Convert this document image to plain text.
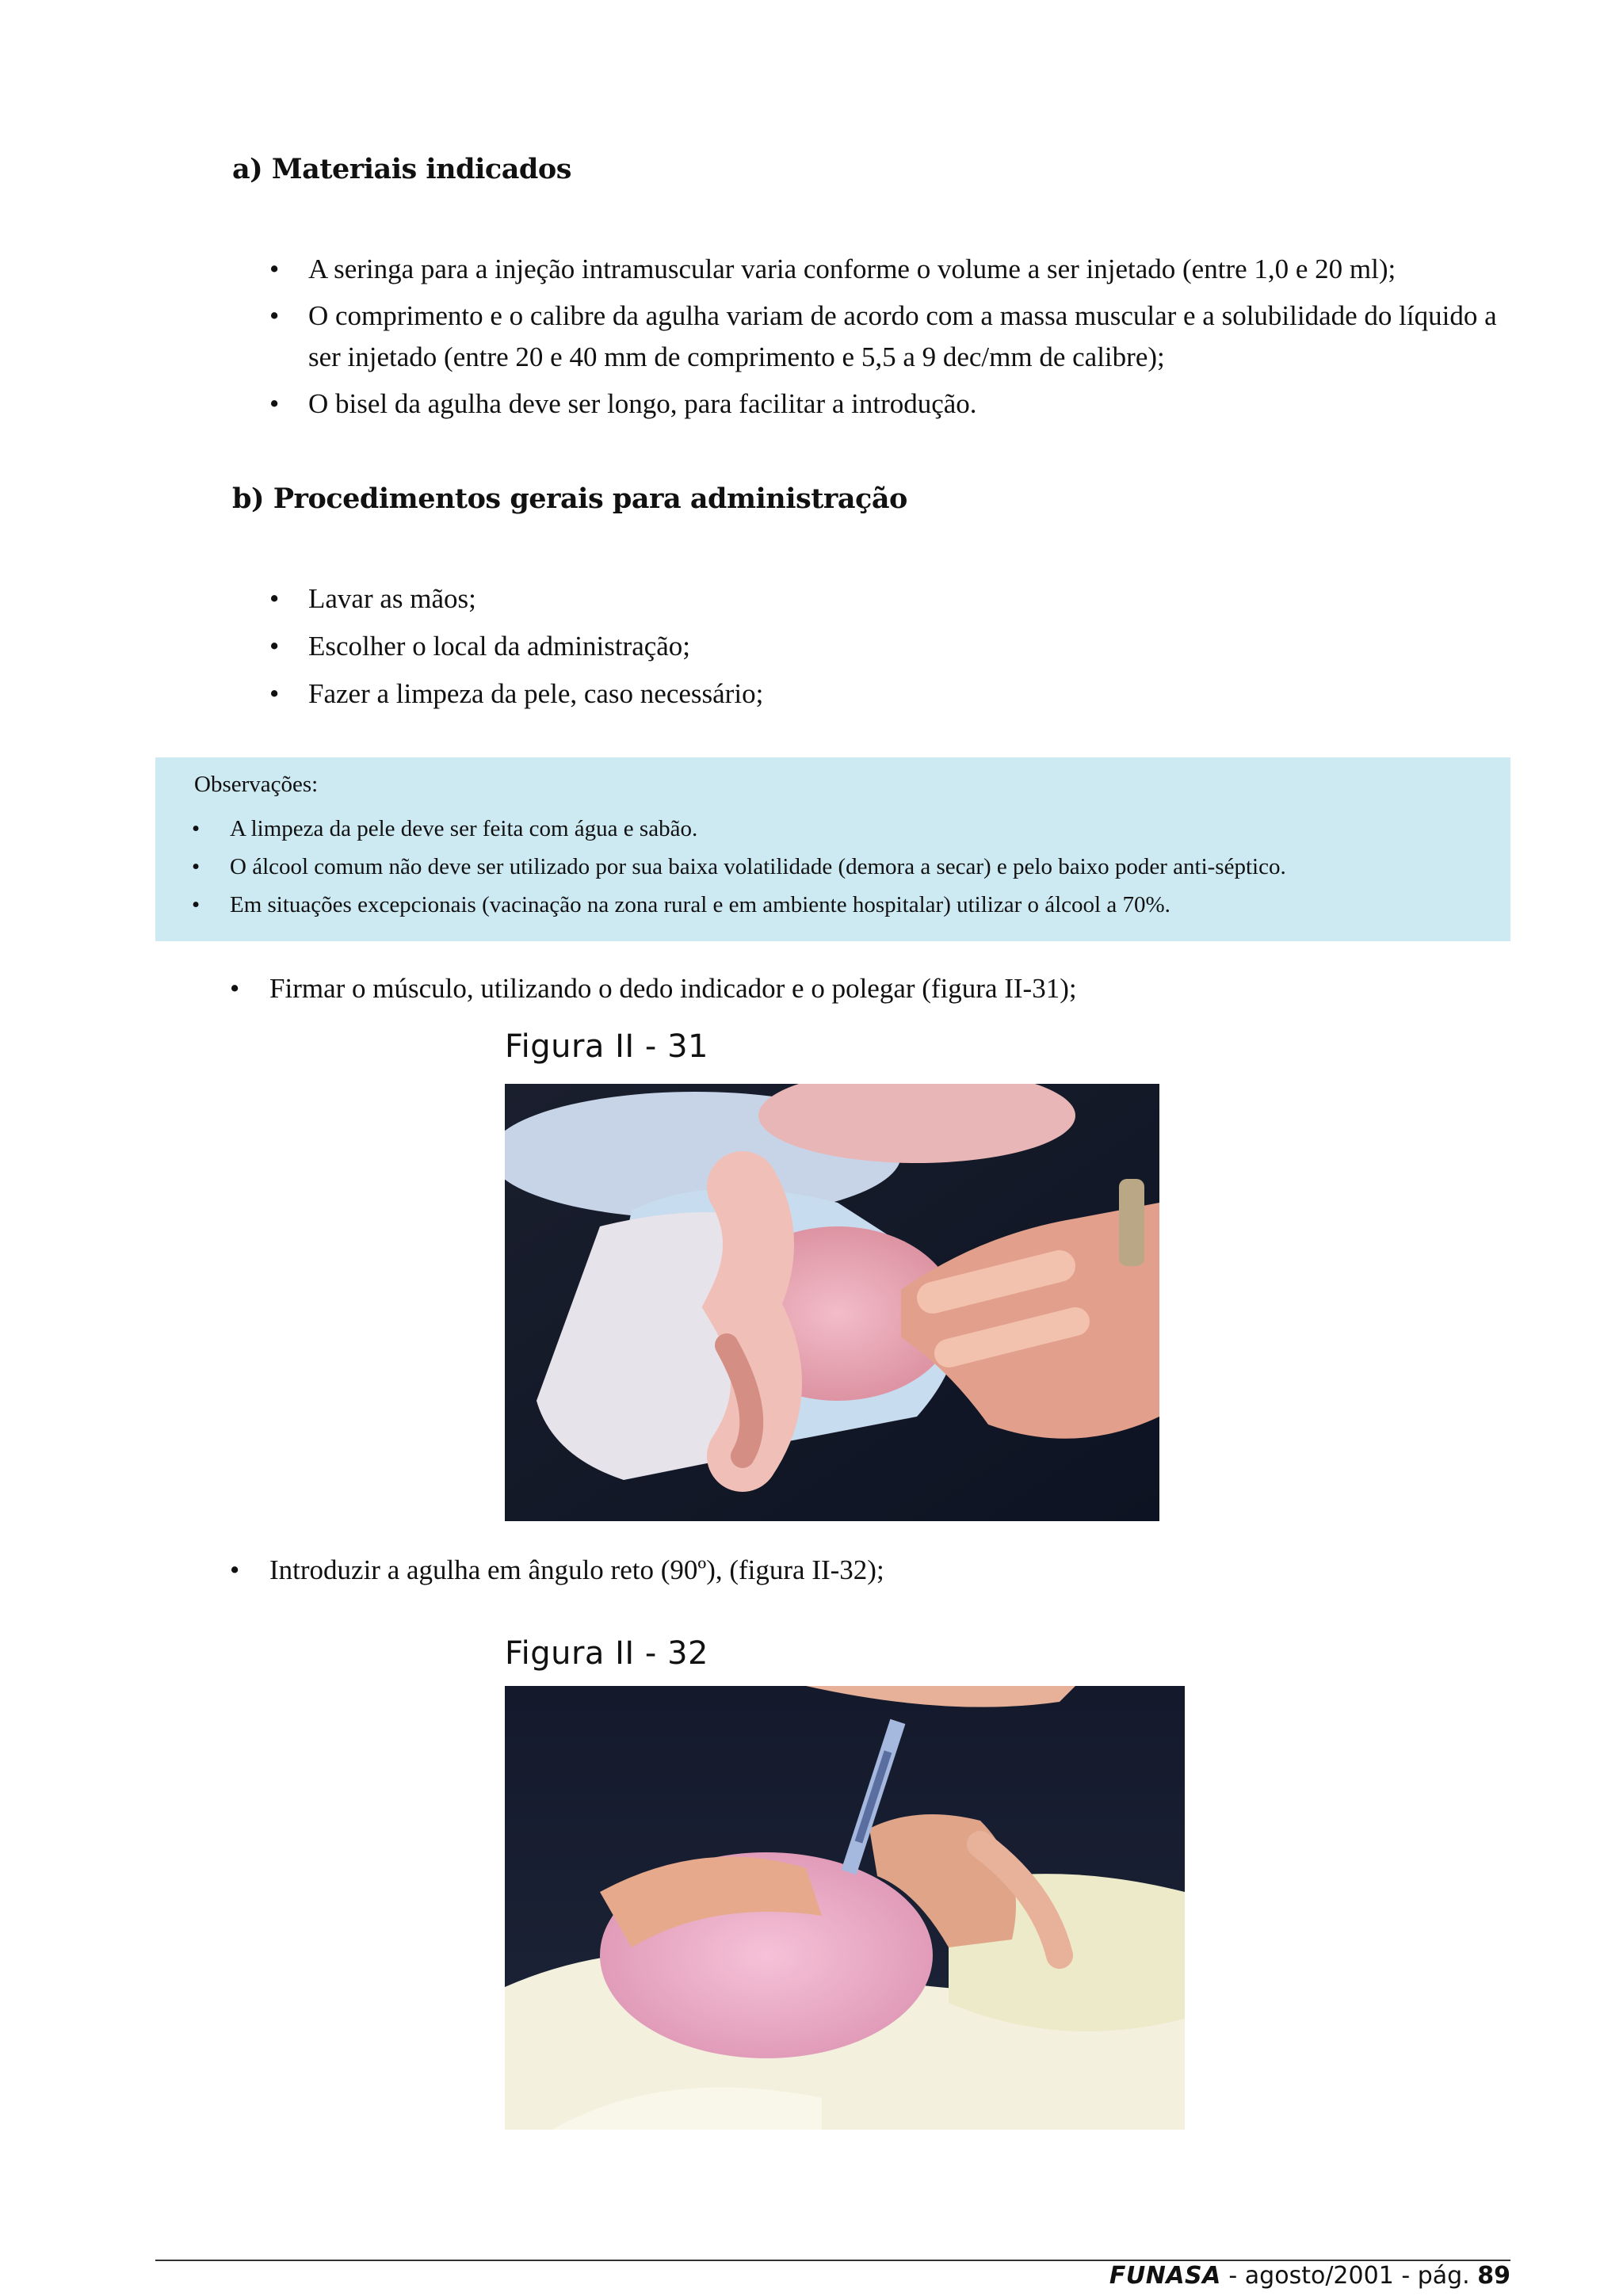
a) Materiais indicados
• A seringa para a injeção intramuscular varia conforme o volume a ser injetado (entre 1,0 e 20 ml);
• O comprimento e o calibre da agulha variam de acordo com a massa muscular e a solubilidade do líquido a ser injetado (entre 20 e 40 mm de comprimento e 5,5 a 9 dec/mm de calibre);
• O bisel da agulha deve ser longo, para facilitar a introdução.
b) Procedimentos gerais para administração
• Lavar as mãos;
• Escolher o local da administração;
• Fazer a limpeza da pele, caso necessário;
Observações:
• A limpeza da pele deve ser feita com água e sabão.
• O álcool comum não deve ser utilizado por sua baixa volatilidade (demora a secar) e pelo baixo poder anti-séptico.
• Em situações excepcionais (vacinação na zona rural e em ambiente hospitalar) utilizar o álcool a 70%.
• Firmar o músculo, utilizando o dedo indicador e o polegar (figura II-31);
Figura II - 31
• Introduzir a agulha em ângulo reto (90º), (figura II-32);
Figura II - 32
FUNASA - agosto/2001 - pág. 89
